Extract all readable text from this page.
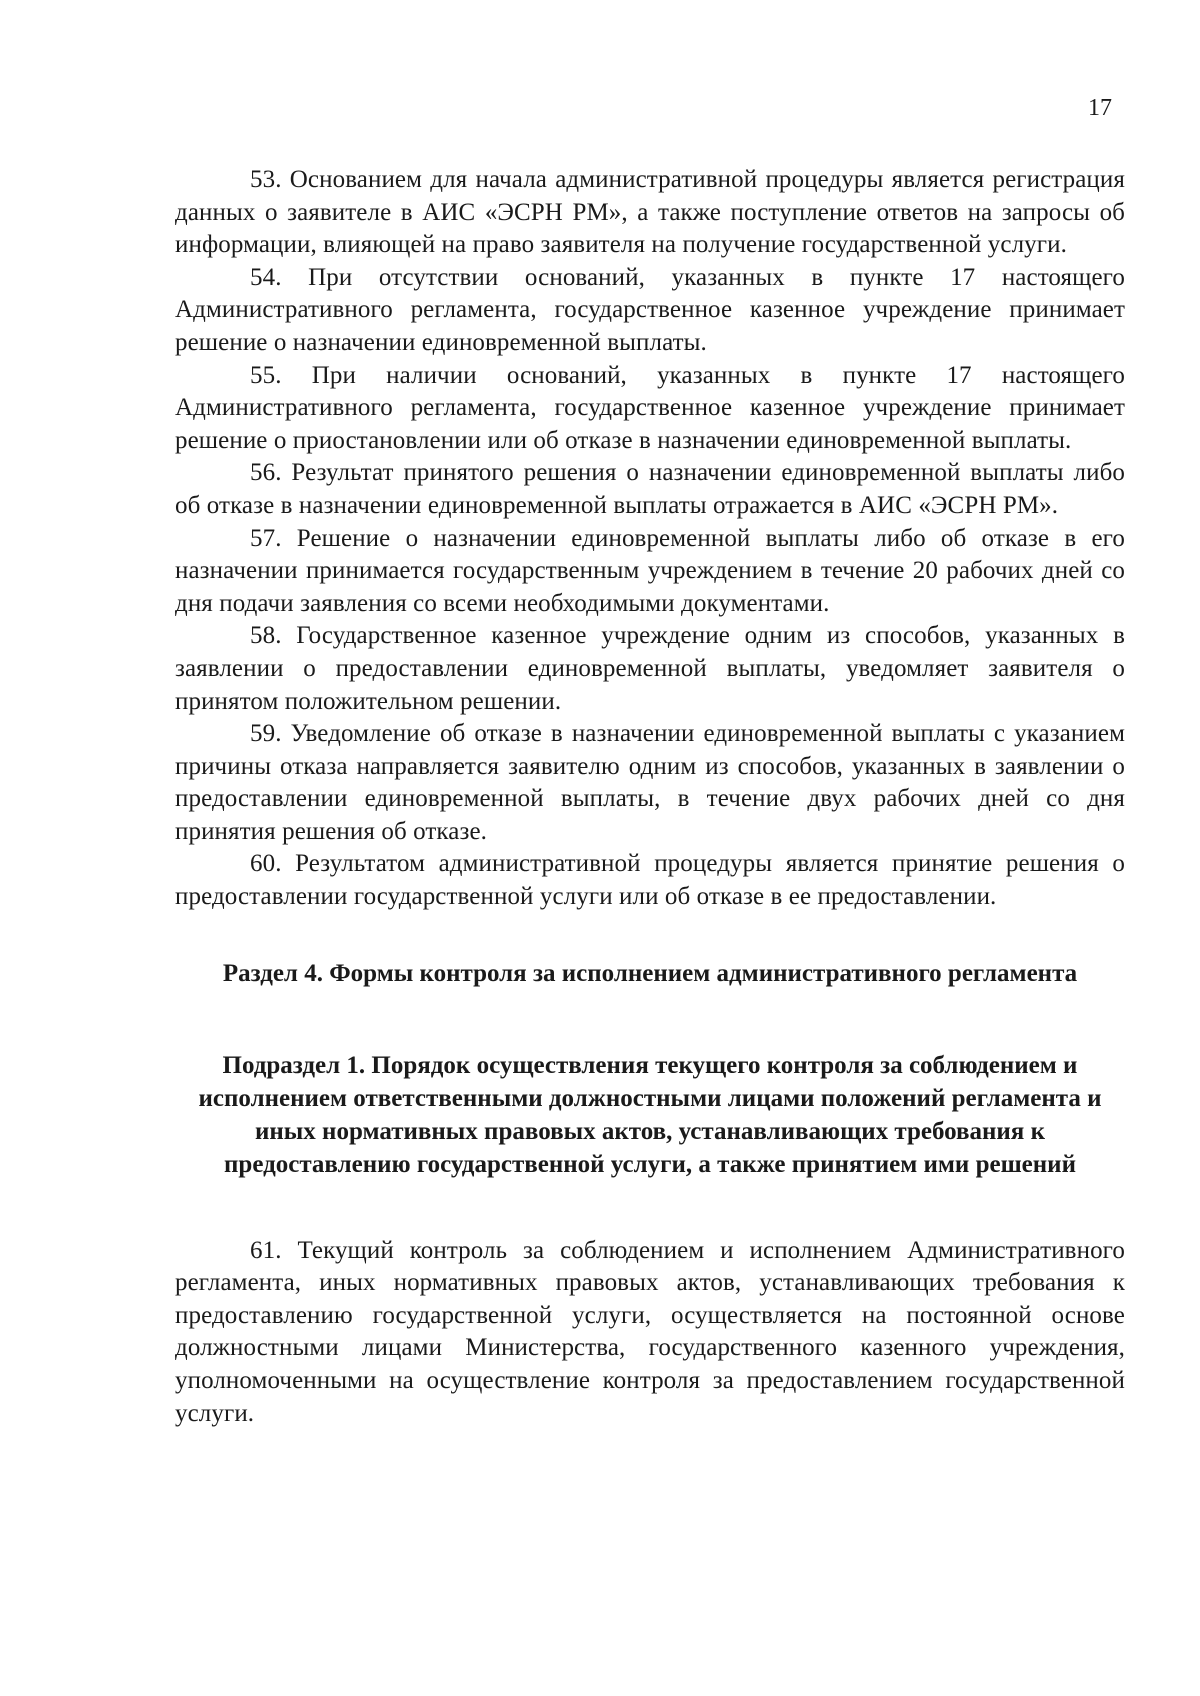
17

53. Основанием для начала административной процедуры является регистрация данных о заявителе в АИС «ЭСРН РМ», а также поступление ответов на запросы об информации, влияющей на право заявителя на получение государственной услуги.

54. При отсутствии оснований, указанных в пункте 17 настоящего Административного регламента, государственное казенное учреждение принимает решение о назначении единовременной выплаты.

55. При наличии оснований, указанных в пункте 17 настоящего Административного регламента, государственное казенное учреждение принимает решение о приостановлении или об отказе в назначении единовременной выплаты.

56. Результат принятого решения о назначении единовременной выплаты либо об отказе в назначении единовременной выплаты отражается в АИС «ЭСРН РМ».

57. Решение о назначении единовременной выплаты либо об отказе в его назначении принимается государственным учреждением в течение 20 рабочих дней со дня подачи заявления со всеми необходимыми документами.

58. Государственное казенное учреждение одним из способов, указанных в заявлении о предоставлении единовременной выплаты, уведомляет заявителя о принятом положительном решении.

59. Уведомление об отказе в назначении единовременной выплаты с указанием причины отказа направляется заявителю одним из способов, указанных в заявлении о предоставлении единовременной выплаты, в течение двух рабочих дней со дня принятия решения об отказе.

60. Результатом административной процедуры является принятие решения о предоставлении государственной услуги или об отказе в ее предоставлении.

Раздел 4. Формы контроля за исполнением административного регламента
Подраздел 1. Порядок осуществления текущего контроля за соблюдением и исполнением ответственными должностными лицами положений регламента и иных нормативных правовых актов, устанавливающих требования к предоставлению государственной услуги, а также принятием ими решений

61. Текущий контроль за соблюдением и исполнением Административного регламента, иных нормативных правовых актов, устанавливающих требования к предоставлению государственной услуги, осуществляется на постоянной основе должностными лицами Министерства, государственного казенного учреждения, уполномоченными на осуществление контроля за предоставлением государственной услуги.
